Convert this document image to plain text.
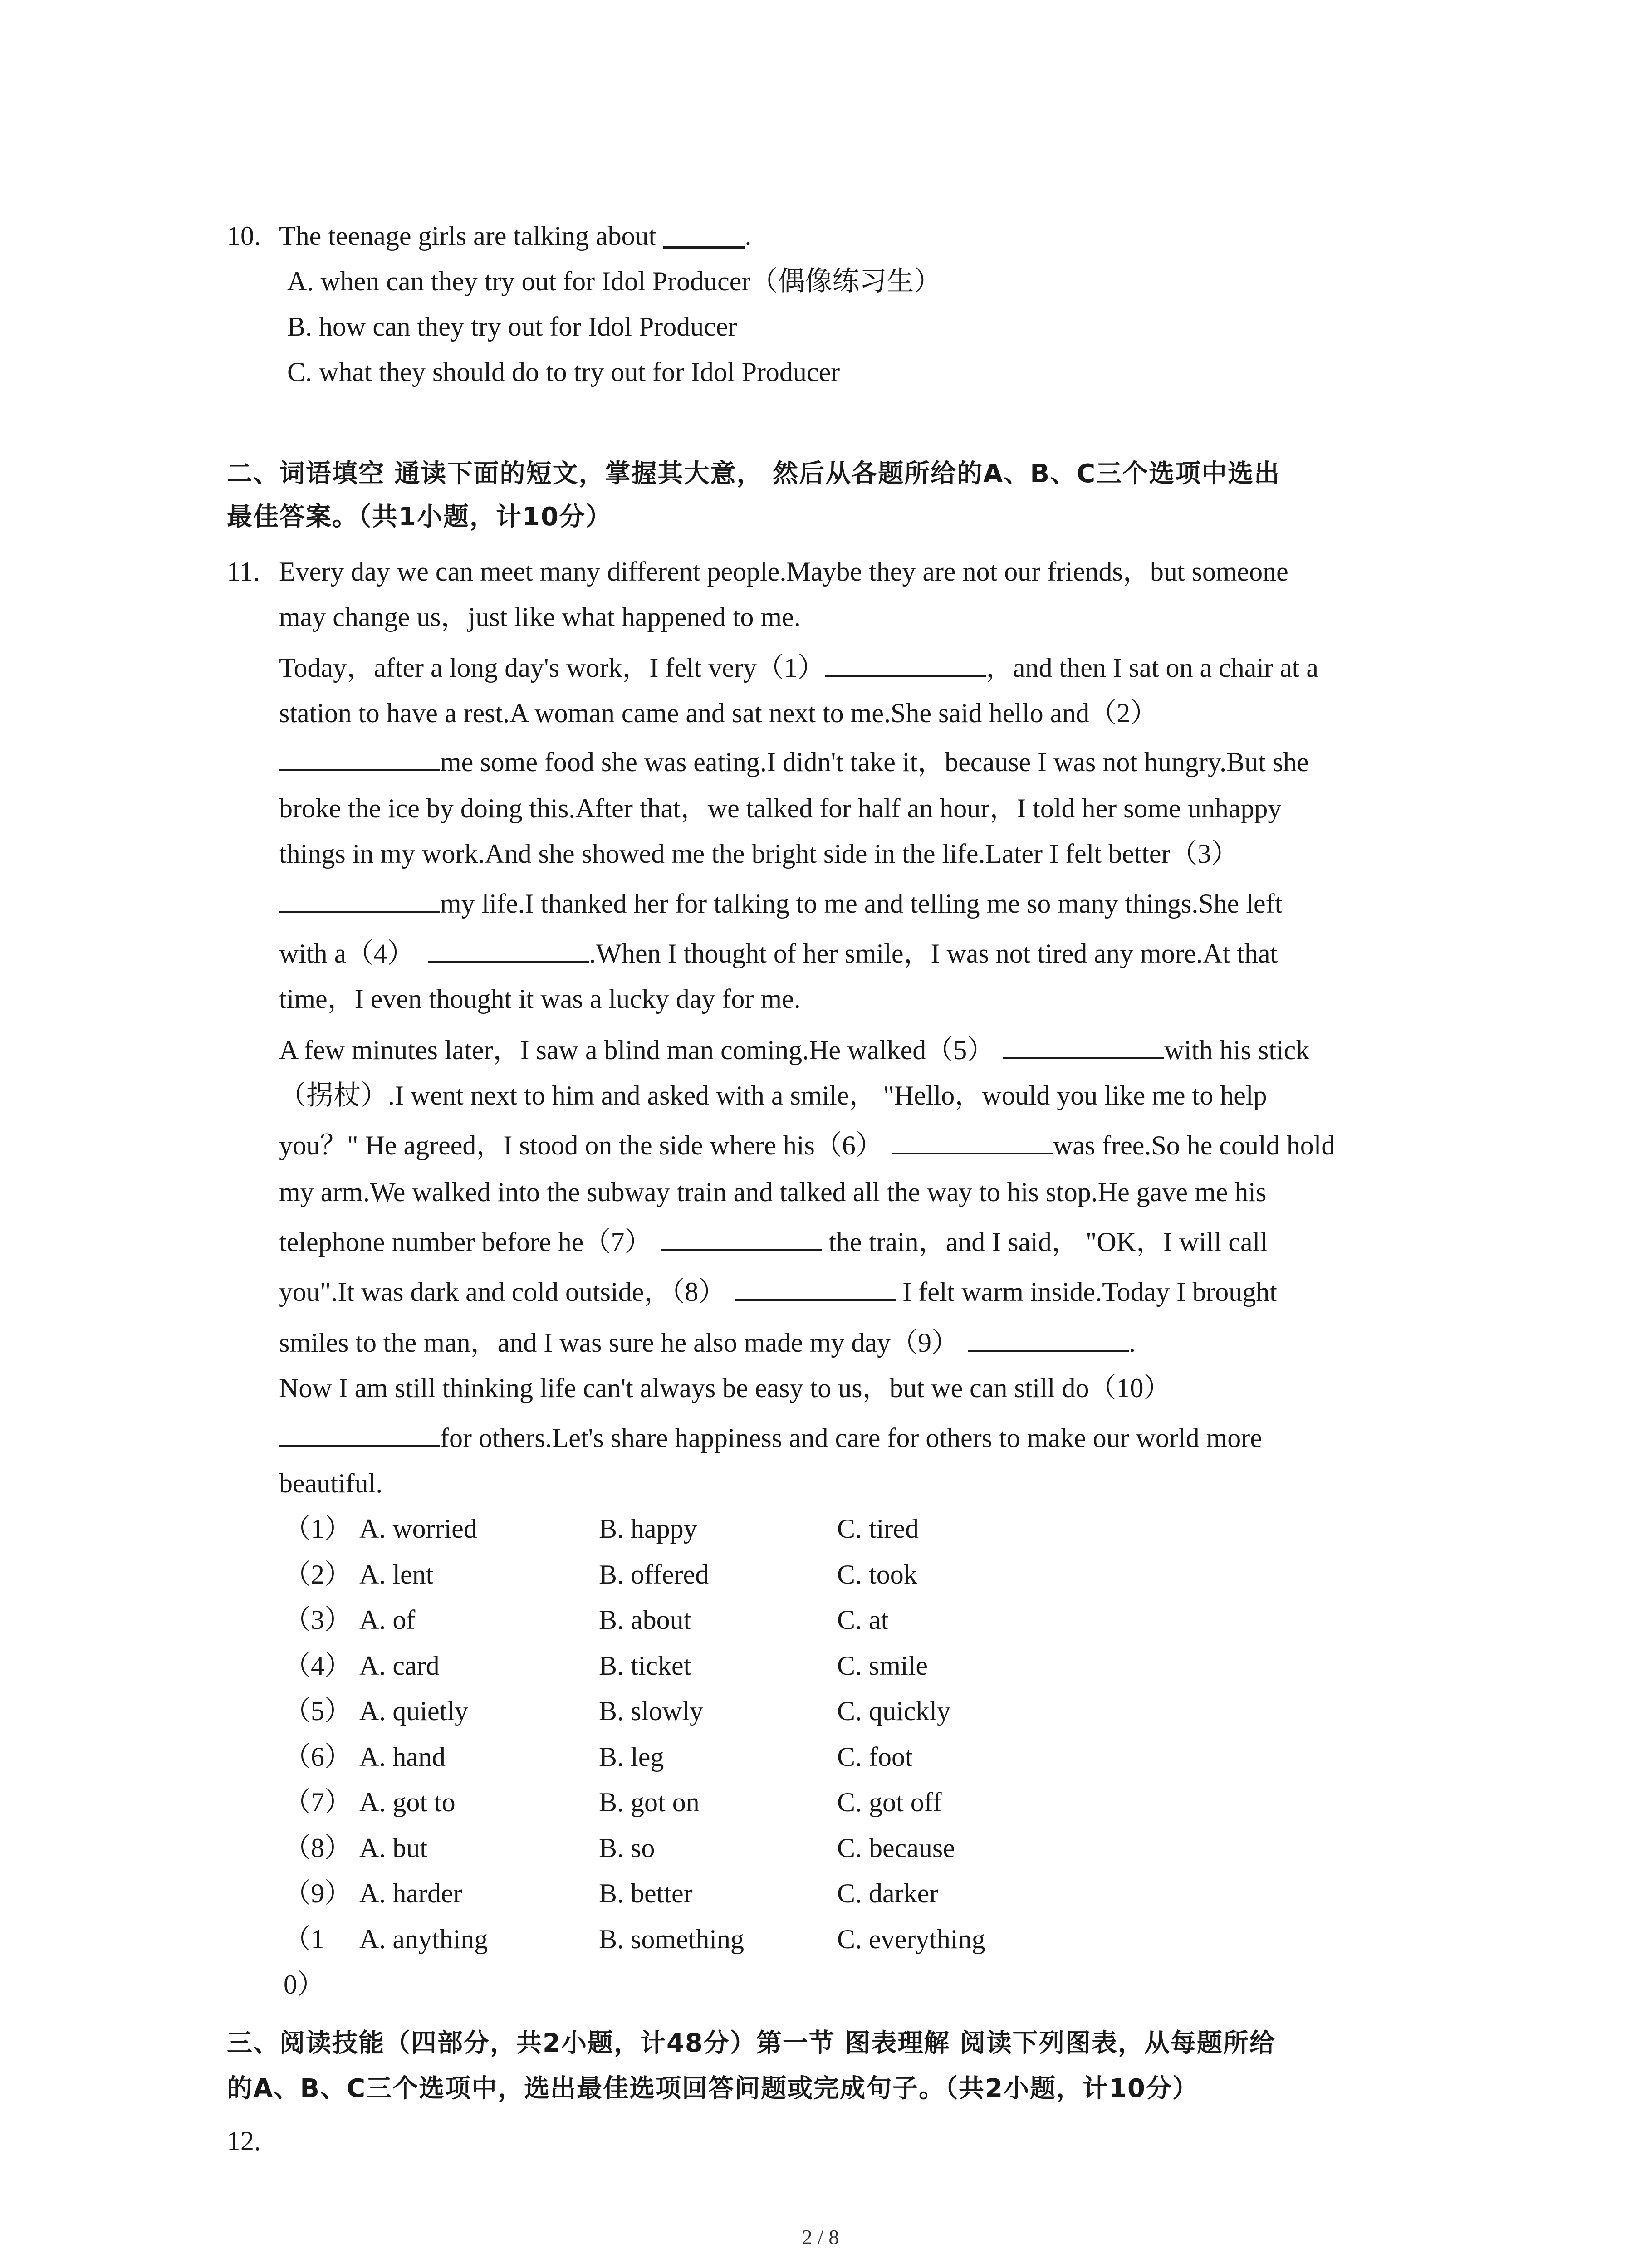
10. The teenage girls are talking about ______.
A. when can they try out for Idol Producer（偶像练习生）
B. how can they try out for Idol Producer
C. what they should do to try out for Idol Producer
二、词语填空 通读下面的短文，掌握其大意， 然后从各题所给的A、B、C三个选项中选出
最佳答案。（共1小题，计10分）
11. Every day we can meet many different people.Maybe they are not our friends，but someone
may change us，just like what happened to me.
Today，after a long day's work，I felt very（1）	，and then I sat on a chair at a
station to have a rest.A woman came and sat next to me.She said hello and（2）
me some food she was eating.I didn't take it，because I was not hungry.But she
broke the ice by doing this.After that，we talked for half an hour，I told her some unhappy
things in my work.And she showed me the bright side in the life.Later I felt better（3）
my life.I thanked her for talking to me and telling me so many things.She left
with a（4）	.When I thought of her smile，I was not tired any more.At that
time，I even thought it was a lucky day for me.
A few minutes later，I saw a blind man coming.He walked（5）	with his stick
（拐杖）.I went next to him and asked with a smile， "Hello，would you like me to help
you？" He agreed，I stood on the side where his（6）	was free.So he could hold
my arm.We walked into the subway train and talked all the way to his stop.He gave me his
telephone number before he（7）	the train，and I said， "OK，I will call
you".It was dark and cold outside，（8）	I felt warm inside.Today I brought
smiles to the man，and I was sure he also made my day（9）	.
Now I am still thinking life can't always be easy to us，but we can still do（10）
for others.Let's share happiness and care for others to make our world more
beautiful.
（1） A. worried	B. happy	C. tired
（2） A. lent	B. offered	C. took
（3） A. of	B. about	C. at
（4） A. card	B. ticket	C. smile
（5） A. quietly	B. slowly	C. quickly
（6） A. hand	B. leg	C. foot
（7） A. got to	B. got on	C. got off
（8） A. but	B. so	C. because
（9） A. harder	B. better	C. darker
（1 A. anything	B. something	C. everything
0）
三、阅读技能（四部分，共2小题，计48分）第一节 图表理解 阅读下列图表，从每题所给
的A、B、C三个选项中，选出最佳选项回答问题或完成句子。（共2小题，计10分）
12.
2 / 8
